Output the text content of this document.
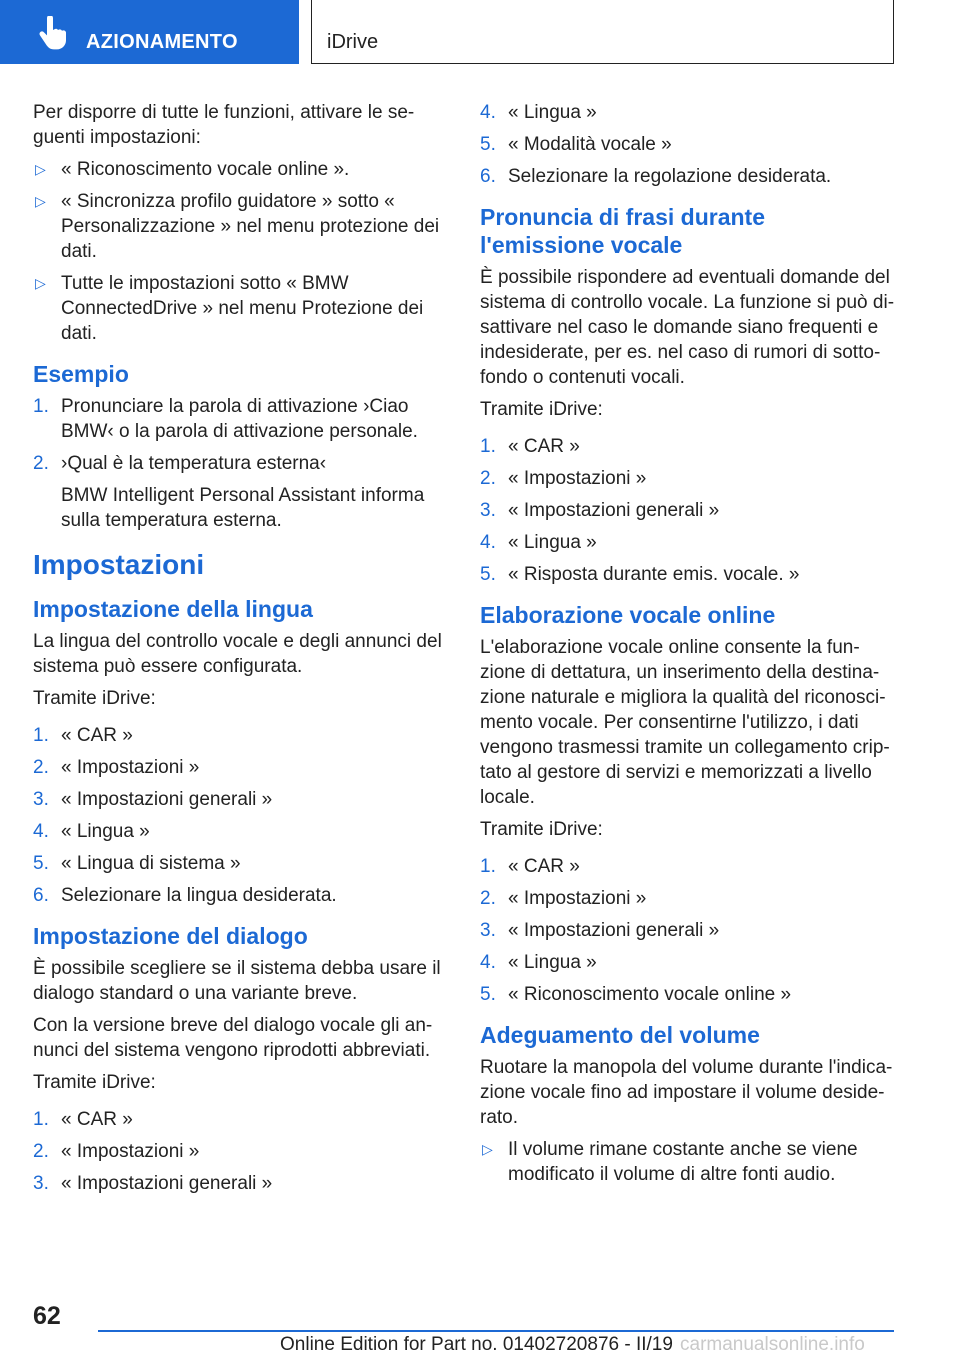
AZIONAMENTO	iDrive

Per disporre di tutte le funzioni, attivare le seguenti impostazioni:

▷ « Riconoscimento vocale online ».
▷ « Sincronizza profilo guidatore » sotto « Personalizzazione » nel menu protezione dei dati.
▷ Tutte le impostazioni sotto « BMW ConnectedDrive » nel menu Protezione dei dati.
Esempio
1. Pronunciare la parola di attivazione ›Ciao BMW‹ o la parola di attivazione personale.
2. ›Qual è la temperatura esterna‹

BMW Intelligent Personal Assistant informa sulla temperatura esterna.

Impostazioni
Impostazione della lingua

La lingua del controllo vocale e degli annunci del sistema può essere configurata.

Tramite iDrive:

1. « CAR »
2. « Impostazioni »
3. « Impostazioni generali »
4. « Lingua »
5. « Lingua di sistema »
6. Selezionare la lingua desiderata.
Impostazione del dialogo

È possibile scegliere se il sistema debba usare il dialogo standard o una variante breve.

Con la versione breve del dialogo vocale gli annunci del sistema vengono riprodotti abbreviati.

Tramite iDrive:

1. « CAR »
2. « Impostazioni »
3. « Impostazioni generali »
4. « Lingua »
5. « Modalità vocale »
6. Selezionare la regolazione desiderata.
Pronuncia di frasi durante l'emissione vocale

È possibile rispondere ad eventuali domande del sistema di controllo vocale. La funzione si può disattivare nel caso le domande siano frequenti e indesiderate, per es. nel caso di rumori di sottofondo o contenuti vocali.

Tramite iDrive:

1. « CAR »
2. « Impostazioni »
3. « Impostazioni generali »
4. « Lingua »
5. « Risposta durante emis. vocale. »
Elaborazione vocale online

L'elaborazione vocale online consente la funzione di dettatura, un inserimento della destinazione naturale e migliora la qualità del riconoscimento vocale. Per consentirne l'utilizzo, i dati vengono trasmessi tramite un collegamento criptato al gestore di servizi e memorizzati a livello locale.

Tramite iDrive:

1. « CAR »
2. « Impostazioni »
3. « Impostazioni generali »
4. « Lingua »
5. « Riconoscimento vocale online »
Adeguamento del volume

Ruotare la manopola del volume durante l'indicazione vocale fino ad impostare il volume desiderato.

▷ Il volume rimane costante anche se viene modificato il volume di altre fonti audio.
62
Online Edition for Part no. 01402720876 - II/19 carmanualsonline.info
